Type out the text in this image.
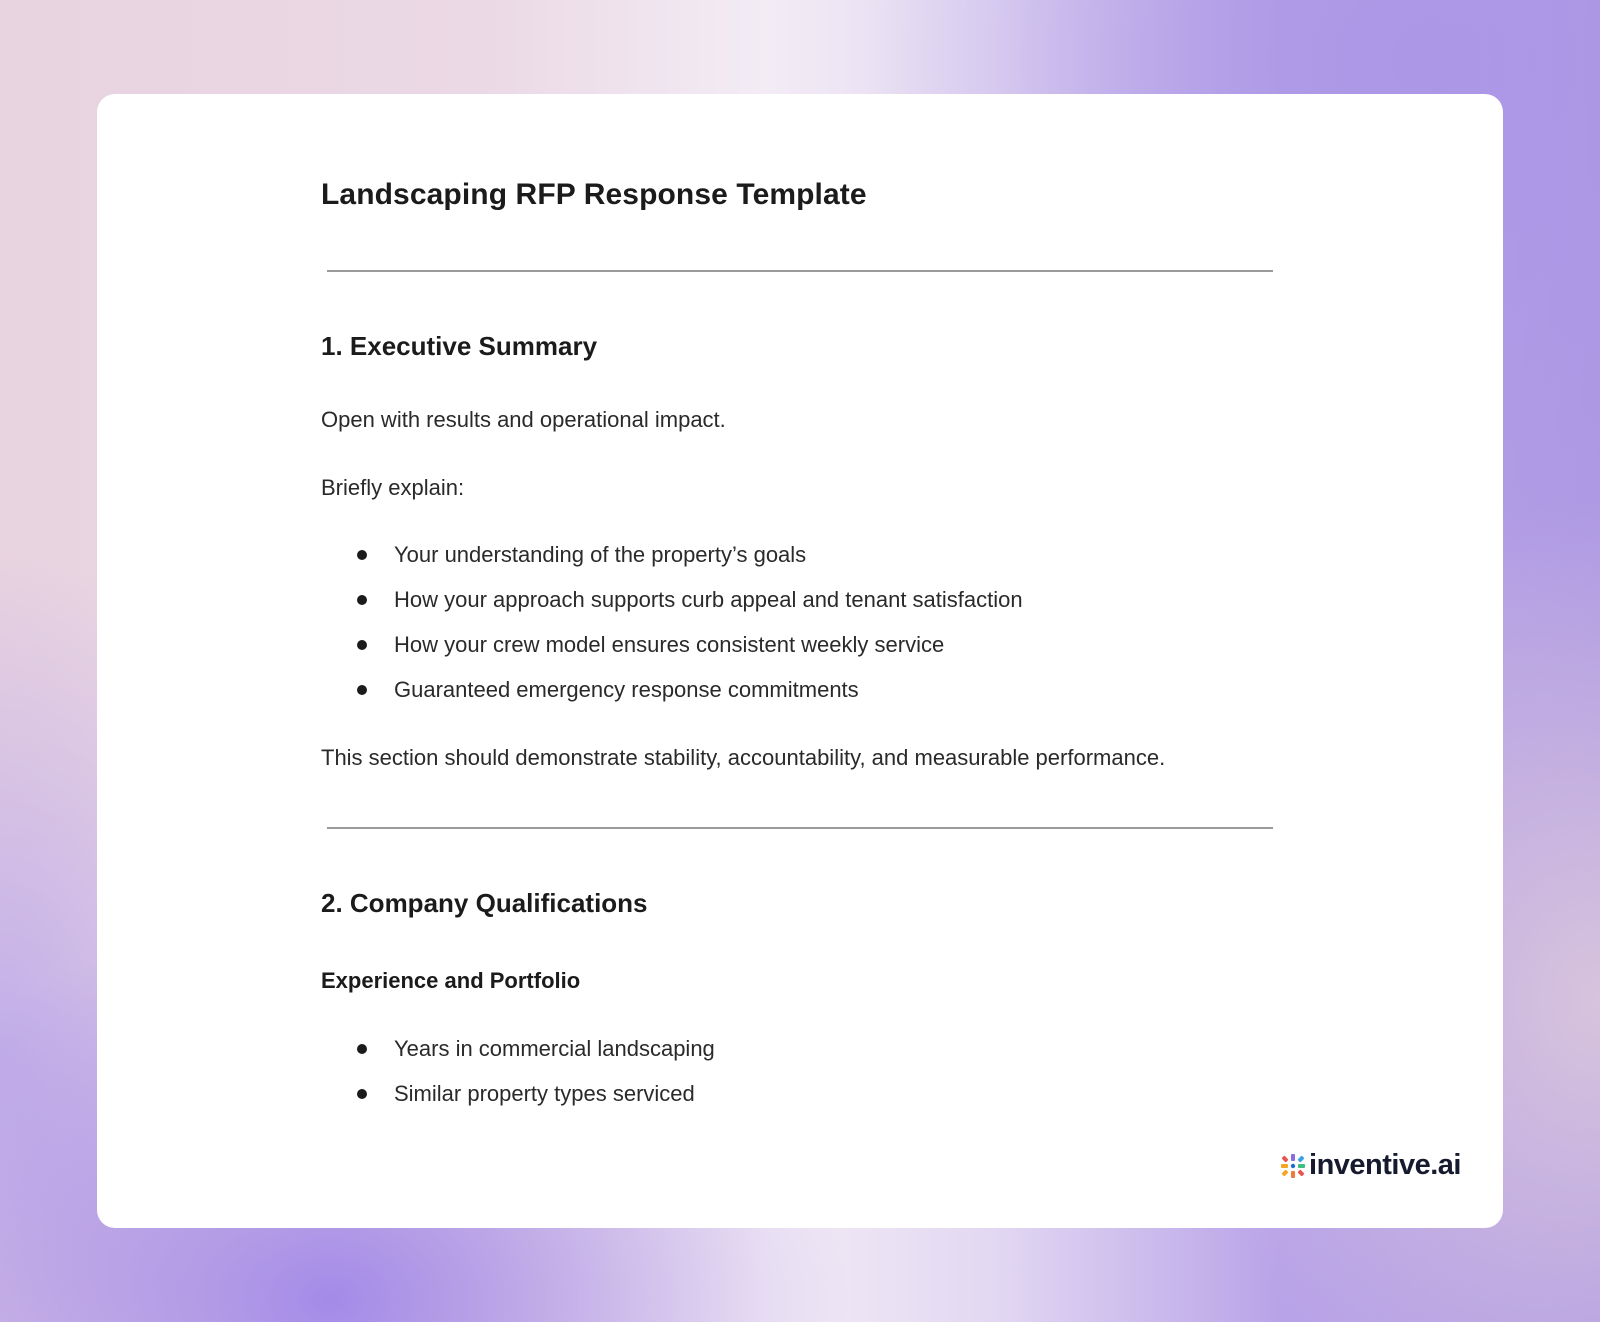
Landscaping RFP Response Template
1. Executive Summary

Open with results and operational impact.

Briefly explain:

Your understanding of the property’s goals
How your approach supports curb appeal and tenant satisfaction
How your crew model ensures consistent weekly service
Guaranteed emergency response commitments

This section should demonstrate stability, accountability, and measurable performance.

2. Company Qualifications
Experience and Portfolio
Years in commercial landscaping
Similar property types serviced
inventive.ai
